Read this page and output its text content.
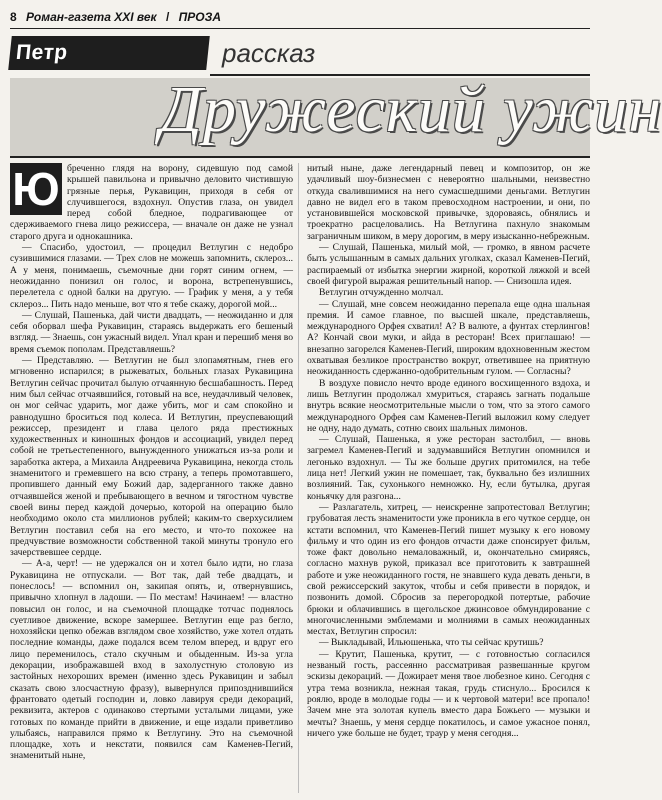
8 Роман-газета XXI век / ПРОЗА
Петр	рассказ
Дружеский ужин
Ю бреченно глядя на ворону, сидевшую под самой крышей павильона и привычно деловито чистившую грязные перья, Рукавицин, приходя в себя от случившегося, вздохнул. Опустив глаза, он увидел перед собой бледное, подрагивающее от сдерживаемого гнева лицо режиссера, — вначале он даже не узнал старого друга и однокашника.

— Спасибо, удостоил, — процедил Ветлугин с недобро сузившимися глазами. — Трех слов не можешь запомнить, склероз... А у меня, понимаешь, съемочные дни горят синим огнем, — неожиданно понизил он голос, и ворона, встрепенувшись, перелетела с одной балки на другую. — График у меня, а у тебя склероз... Пить надо меньше, вот что я тебе скажу, дорогой мой...

— Слушай, Пашенька, дай чисти двадцать, — неожиданно и для себя оборвал шефа Рукавицин, стараясь выдержать его бешеный взгляд. — Знаешь, сон ужасный видел. Упал кран и перешиб меня во время съемок пополам. Представляешь?

— Представляю. — Ветлугин не был злопамятным, гнев его мгновенно испарился; в рыжеватых, больных глазах Рукавицина Ветлугин сейчас прочитал былую отчаянную бесшабашность. Перед ним был сейчас отчаявшийся, готовый на все, неудачливый человек, он мог сейчас ударить, мог даже убить, мог и сам спокойно и равнодушно броситься под колеса. И Ветлугин, преуспевающий режиссер, президент и глава целого ряда престижных художественных и киношных фондов и ассоциаций, увидел перед собой не третьестепенного, вынужденного унижаться из-за роли и заработка актера, а Михаила Андреевича Рукавицина, некогда столь знаменитого и гремевшего на всю страну, а теперь промотавшего, пропившего данный ему Божий дар, задерганного также давно отчаявшейся женой и пребывающего в вечном и тягостном чувстве своей вины перед каждой дочерью, которой на операцию было необходимо около ста миллионов рублей; каким-то сверхусилием Ветлугин поставил себя на его место, и что-то похожее на предчувствие возможности собственной такой минуты тронуло его зачерствевшее сердце.

— А-а, черт! — не удержался он и хотел было идти, но глаза Рукавицина не отпускали. — Вот так, дай тебе двадцать, и понеслось! — вспомнил он, закипая опять, и, отвернувшись, привычно хлопнул в ладоши. — По местам! Начинаем! — властно повысил он голос, и на съемочной площадке тотчас поднялось суетливое движение, вскоре замершее. Ветлугин еще раз бегло, нохозяйски цепко обежав взглядом свое хозяйство, уже хотел отдать последние команды, даже подался всем телом вперед, и вдруг его лицо переменилось, стало скучным и обыденным. Из-за угла декорации, изображавшей вход в захолустную столовую из застойных нехороших времен (именно здесь Рукавицин и забыл сказать свою злосчастную фразу), вывернулся припозднившийся франтовато одетый господин и, ловко лавируя среди декораций, реквизита, актеров с одинаково стертыми усталыми лицами, уже готовых по команде прийти в движение, и еще издали приветливо улыбаясь, направился прямо к Ветлугину. Это на съемочной площадке, хоть и некстати, появился сам Каменев-Пегий, знаменитый ныне,

нитый ныне, даже легендарный певец и композитор, он же удачливый шоу-бизнесмен с невероятно шальными, неизвестно откуда свалившимися на него сумасшедшими деньгами. Ветлугин давно не видел его в таком превосходном настроении, и они, по установившейся московской привычке, здороваясь, обнялись и троекратно расцеловались. На Ветлугина пахнуло знакомым заграничным шиком, в меру дорогим, в меру изысканно-небрежным.

— Слушай, Пашенька, милый мой, — громко, в явном расчете быть услышанным в самых дальних уголках, сказал Каменев-Пегий, распираемый от избытка энергии жирной, короткой ляжкой и всей своей фигурой выражая решительный напор. — Снизошла идея.

Ветлугин отчужденно молчал.

— Слушай, мне совсем неожиданно перепала еще одна шальная премия. И самое главное, по высшей шкале, представляешь, международного Орфея схватил! А? В валюте, а фунтах стерлингов! А? Кончай свои муки, и айда в ресторан! Всех приглашаю! — внезапно загорелся Каменев-Пегий, широким вдохновенным жестом охватывая безликое пространство вокруг, ответившее на приятную неожиданность сдержанно-одобрительным гулом. — Согласны?

В воздухе повисло нечто вроде единого восхищенного вздоха, и лишь Ветлугин продолжал хмуриться, стараясь загнать подальше внутрь всякие неосмотрительные мысли о том, что за этого самого международного Орфея сам Каменев-Пегий выложил кому следует не одну, надо думать, сотню своих шальных лимонов.

— Слушай, Пашенька, я уже ресторан застолбил, — вновь загремел Каменев-Пегий и задумавшийся Ветлугин опомнился и легонько вздохнул. — Ты же больше других притомился, на тебе лица нет! Легкий ужин не помешает, так, буквально без излишних возлияний. Так, сухонького немножко. Ну, если бутылка, другая коньячку для разгона...

— Разлагатель, хитрец, — неискренне запротестовал Ветлугин; грубоватая лесть знаменитости уже проникла в его чуткое сердце, он кстати вспомнил, что Каменев-Пегий пишет музыку к его новому фильму и что один из его фондов отчасти даже спонсирует фильм, тоже факт довольно немаловажный, и, окончательно смиряясь, согласно махнув рукой, приказал все приготовить к завтрашней работе и уже неожиданного гостя, не знавшего куда девать деньги, в свой режиссерский закуток, чтобы и себя привести в порядок, и позвонить домой. Сбросив за перегородкой потертые, рабочие брюки и облачившись в щегольское джинсовое обмундирование с многочисленными эмблемами и молниями в самых неожиданных местах, Ветлугин спросил:

— Выкладывай, Ильюшенька, что ты сейчас крутишь?

— Крутит, Пашенька, крутит, — с готовностью согласился незваный гость, рассеянно рассматривая развешанные кругом эскизы декораций. — Дожирает меня твое любезное кино. Сегодня с утра тема возникла, нежная такая, грудь стиснуло... Бросился к роялю, вроде в молодые годы — и к чертовой матери! все пропало! Зачем мне эта золотая купель вместо дара Божьего — музыки и мечты? Знаешь, у меня сердце покатилось, и самое ужасное понял, ничего уже больше не будет, траур у меня сегодня...
